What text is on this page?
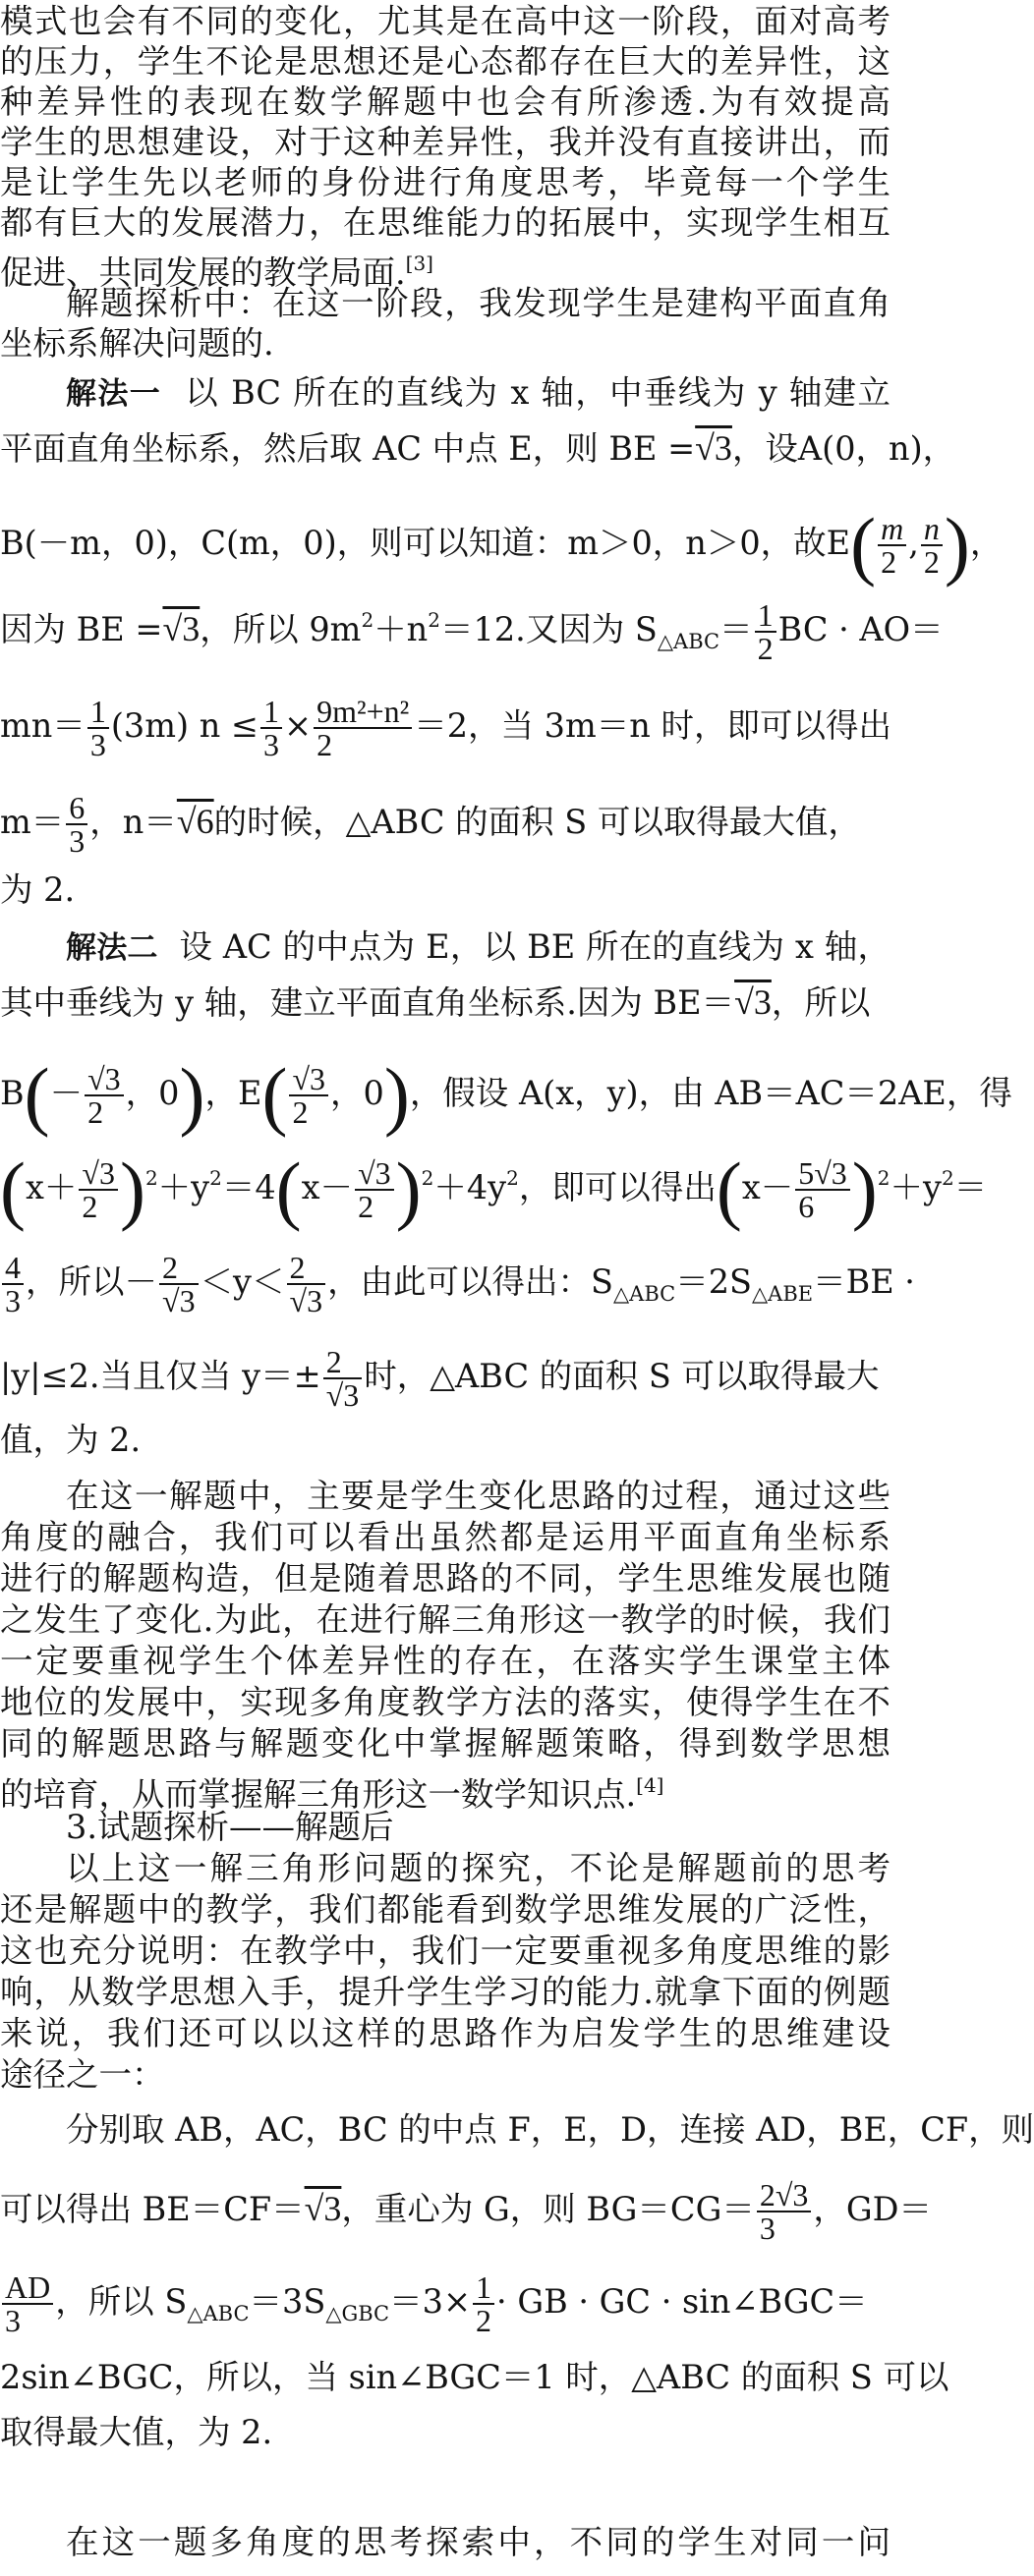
模式也会有不同的变化，尤其是在高中这一阶段，面对高考

的压力，学生不论是思想还是心态都存在巨大的差异性，这

种差异性的表现在数学解题中也会有所渗透.为有效提高

学生的思想建设，对于这种差异性，我并没有直接讲出，而

是让学生先以老师的身份进行角度思考，毕竟每一个学生

都有巨大的发展潜力，在思维能力的拓展中，实现学生相互

促进、共同发展的教学局面.[3]

解题探析中：在这一阶段，我发现学生是建构平面直角

坐标系解决问题的.

解法一 以 BC 所在的直线为 x 轴，中垂线为 y 轴建立

平面直角坐标系，然后取 AC 中点 E，则 BE =√3，设A(0，n)，

B(－m，0)，C(m，0)，则可以知道：m＞0，n＞0，故$E( \frac{m}{2}$ , $\frac{n}{2}$ )，

因为 BE =√3，所以 $9m^2+n^2=12$.又因为 $S_{\triangle ABC}= \frac{1}{2}$ BC · AO＝

$mn= \frac{1}{3} (3m) n \le \frac{1}{3} \times \frac{\text{9m²+n²}}{2} =2$，当 3m＝n 时，即可以得出

$m= \frac{6}{3}$ ，n＝√6的时候，△ABC 的面积 S 可以取得最大值，

为 2.

解法二 设 AC 的中点为 E，以 BE 所在的直线为 x 轴，

其中垂线为 y 轴，建立平面直角坐标系.因为 BE＝√3，所以

$B(- \frac{√3}{2}$ ，0)，$E( \frac{√3}{2}$ ，0)，假设 A(x，y)，由 AB＝AC＝2AE，得

$(x+ \frac{√3}{2} )^2+y^2=4(x- \frac{√3}{2} )^2+4y^2$，即可以得出$(x- \frac{5√3}{6} )^2+y^2=$

$\frac{4}{3}$ ，所以－ $\frac{2}{√3} <y< \frac{2}{√3}$ ，由此可以得出：$S_{\triangle ABC}=2S_{\triangle ABE}=BE$ ·

|y|≤2.当且仅当 $y=\pm \frac{2}{√3}$ 时，△ABC 的面积 S 可以取得最大

值，为 2.

在这一解题中，主要是学生变化思路的过程，通过这些

角度的融合，我们可以看出虽然都是运用平面直角坐标系

进行的解题构造，但是随着思路的不同，学生思维发展也随

之发生了变化.为此，在进行解三角形这一教学的时候，我们

一定要重视学生个体差异性的存在，在落实学生课堂主体

地位的发展中，实现多角度教学方法的落实，使得学生在不

同的解题思路与解题变化中掌握解题策略，得到数学思想

的培育，从而掌握解三角形这一数学知识点.[4]

3.试题探析——解题后

以上这一解三角形问题的探究，不论是解题前的思考

还是解题中的教学，我们都能看到数学思维发展的广泛性，

这也充分说明：在教学中，我们一定要重视多角度思维的影

响，从数学思想入手，提升学生学习的能力.就拿下面的例题

来说，我们还可以以这样的思路作为启发学生的思维建设

途径之一：

分别取 AB，AC，BC 的中点 F，E，D，连接 AD，BE，CF，则

可以得出 BE＝CF＝√3，重心为 G，则 $BG=CG= \frac{2√3}{3}$ ，GD＝

$\frac{AD}{3}$ ，所以 $S_{\triangle ABC}=3S_{\triangle GBC}=3\times \frac{1}{2}$ · GB · GC · sin∠BGC＝

2sin∠BGC，所以，当 sin∠BGC＝1 时，△ABC 的面积 S 可以

取得最大值，为 2.

在这一题多角度的思考探索中，不同的学生对同一问
